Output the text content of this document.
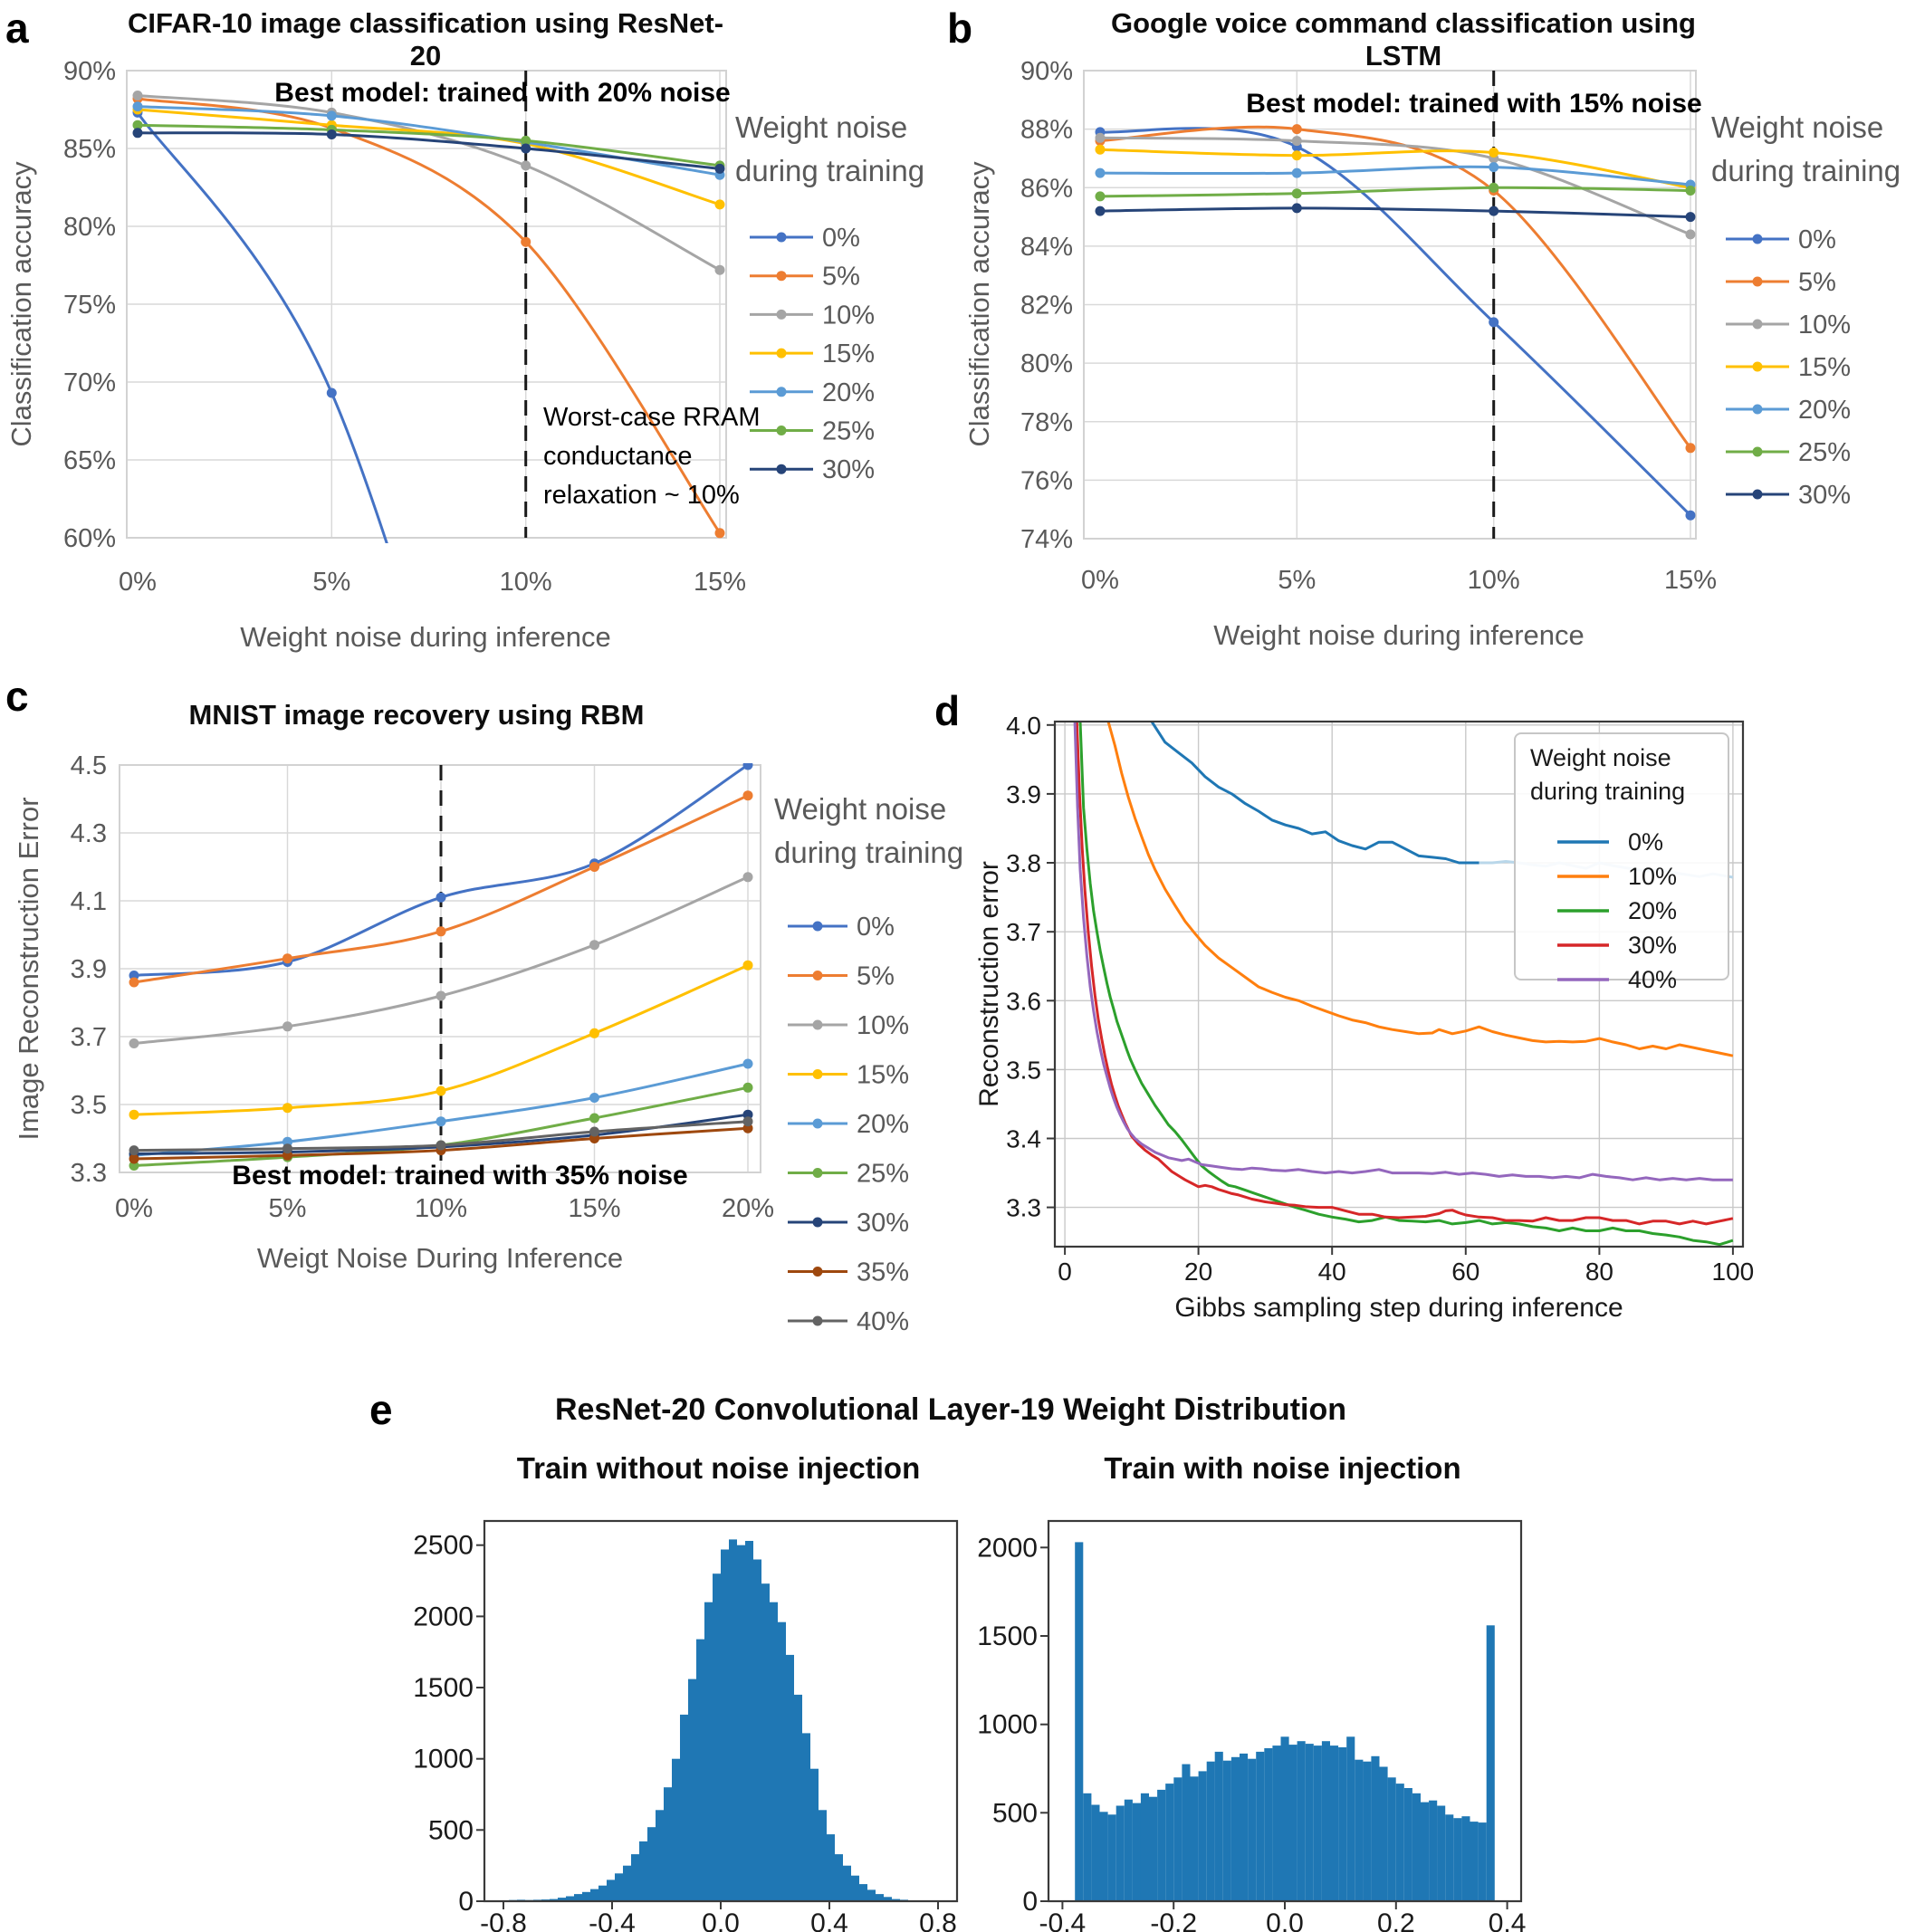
60%
65%
70%
75%
80%
85%
90%
0%	5%	10%	15%
Weight noise during inference
Classification accuracy
Best model: trained with 20% noise
Worst-case RRAM
conductance
relaxation ~ 10%
Weight noise
during training
0%
5%
10%
15%
20%
25%
30%
74%
76%
78%
80%
82%
84%
86%
88%
90%
0%	5%	10%	15%
Weight noise during inference
Classification accuracy
Best model: trained with 15% noise
Weight noise
during training
0%
5%
10%
15%
20%
25%
30%
3.3
3.4
3.5
3.6
3.7
3.8
3.9
4.0
0	20	40	60	80	100
Gibbs sampling step during inference
Reconstruction error
Weight noise
during training
0%
10%
20%
30%
40%
3.3
3.5
3.7
3.9
4.1
4.3
4.5
0%	5%	10%	15%	20%
Weigt Noise During Inference
Image Reconstruction Error
Best model: trained with 35% noise
Weight noise
during training
0%
5%
10%
15%
20%
25%
30%
35%
40%
0
500
1000
1500
2000
2500
-0.8 -0.4 0.0	0.4	0.8
0
500
1000
1500
2000
-0.4 -0.2	0.0	0.2	0.4
a	CIFAR-10 image classification using ResNet-20
b	Google voice command classification using LSTM
c	MNIST image recovery using RBM	d
e	ResNet-20 Convolutional Layer-19 Weight Distribution
Train without noise injection	Train with noise injection
